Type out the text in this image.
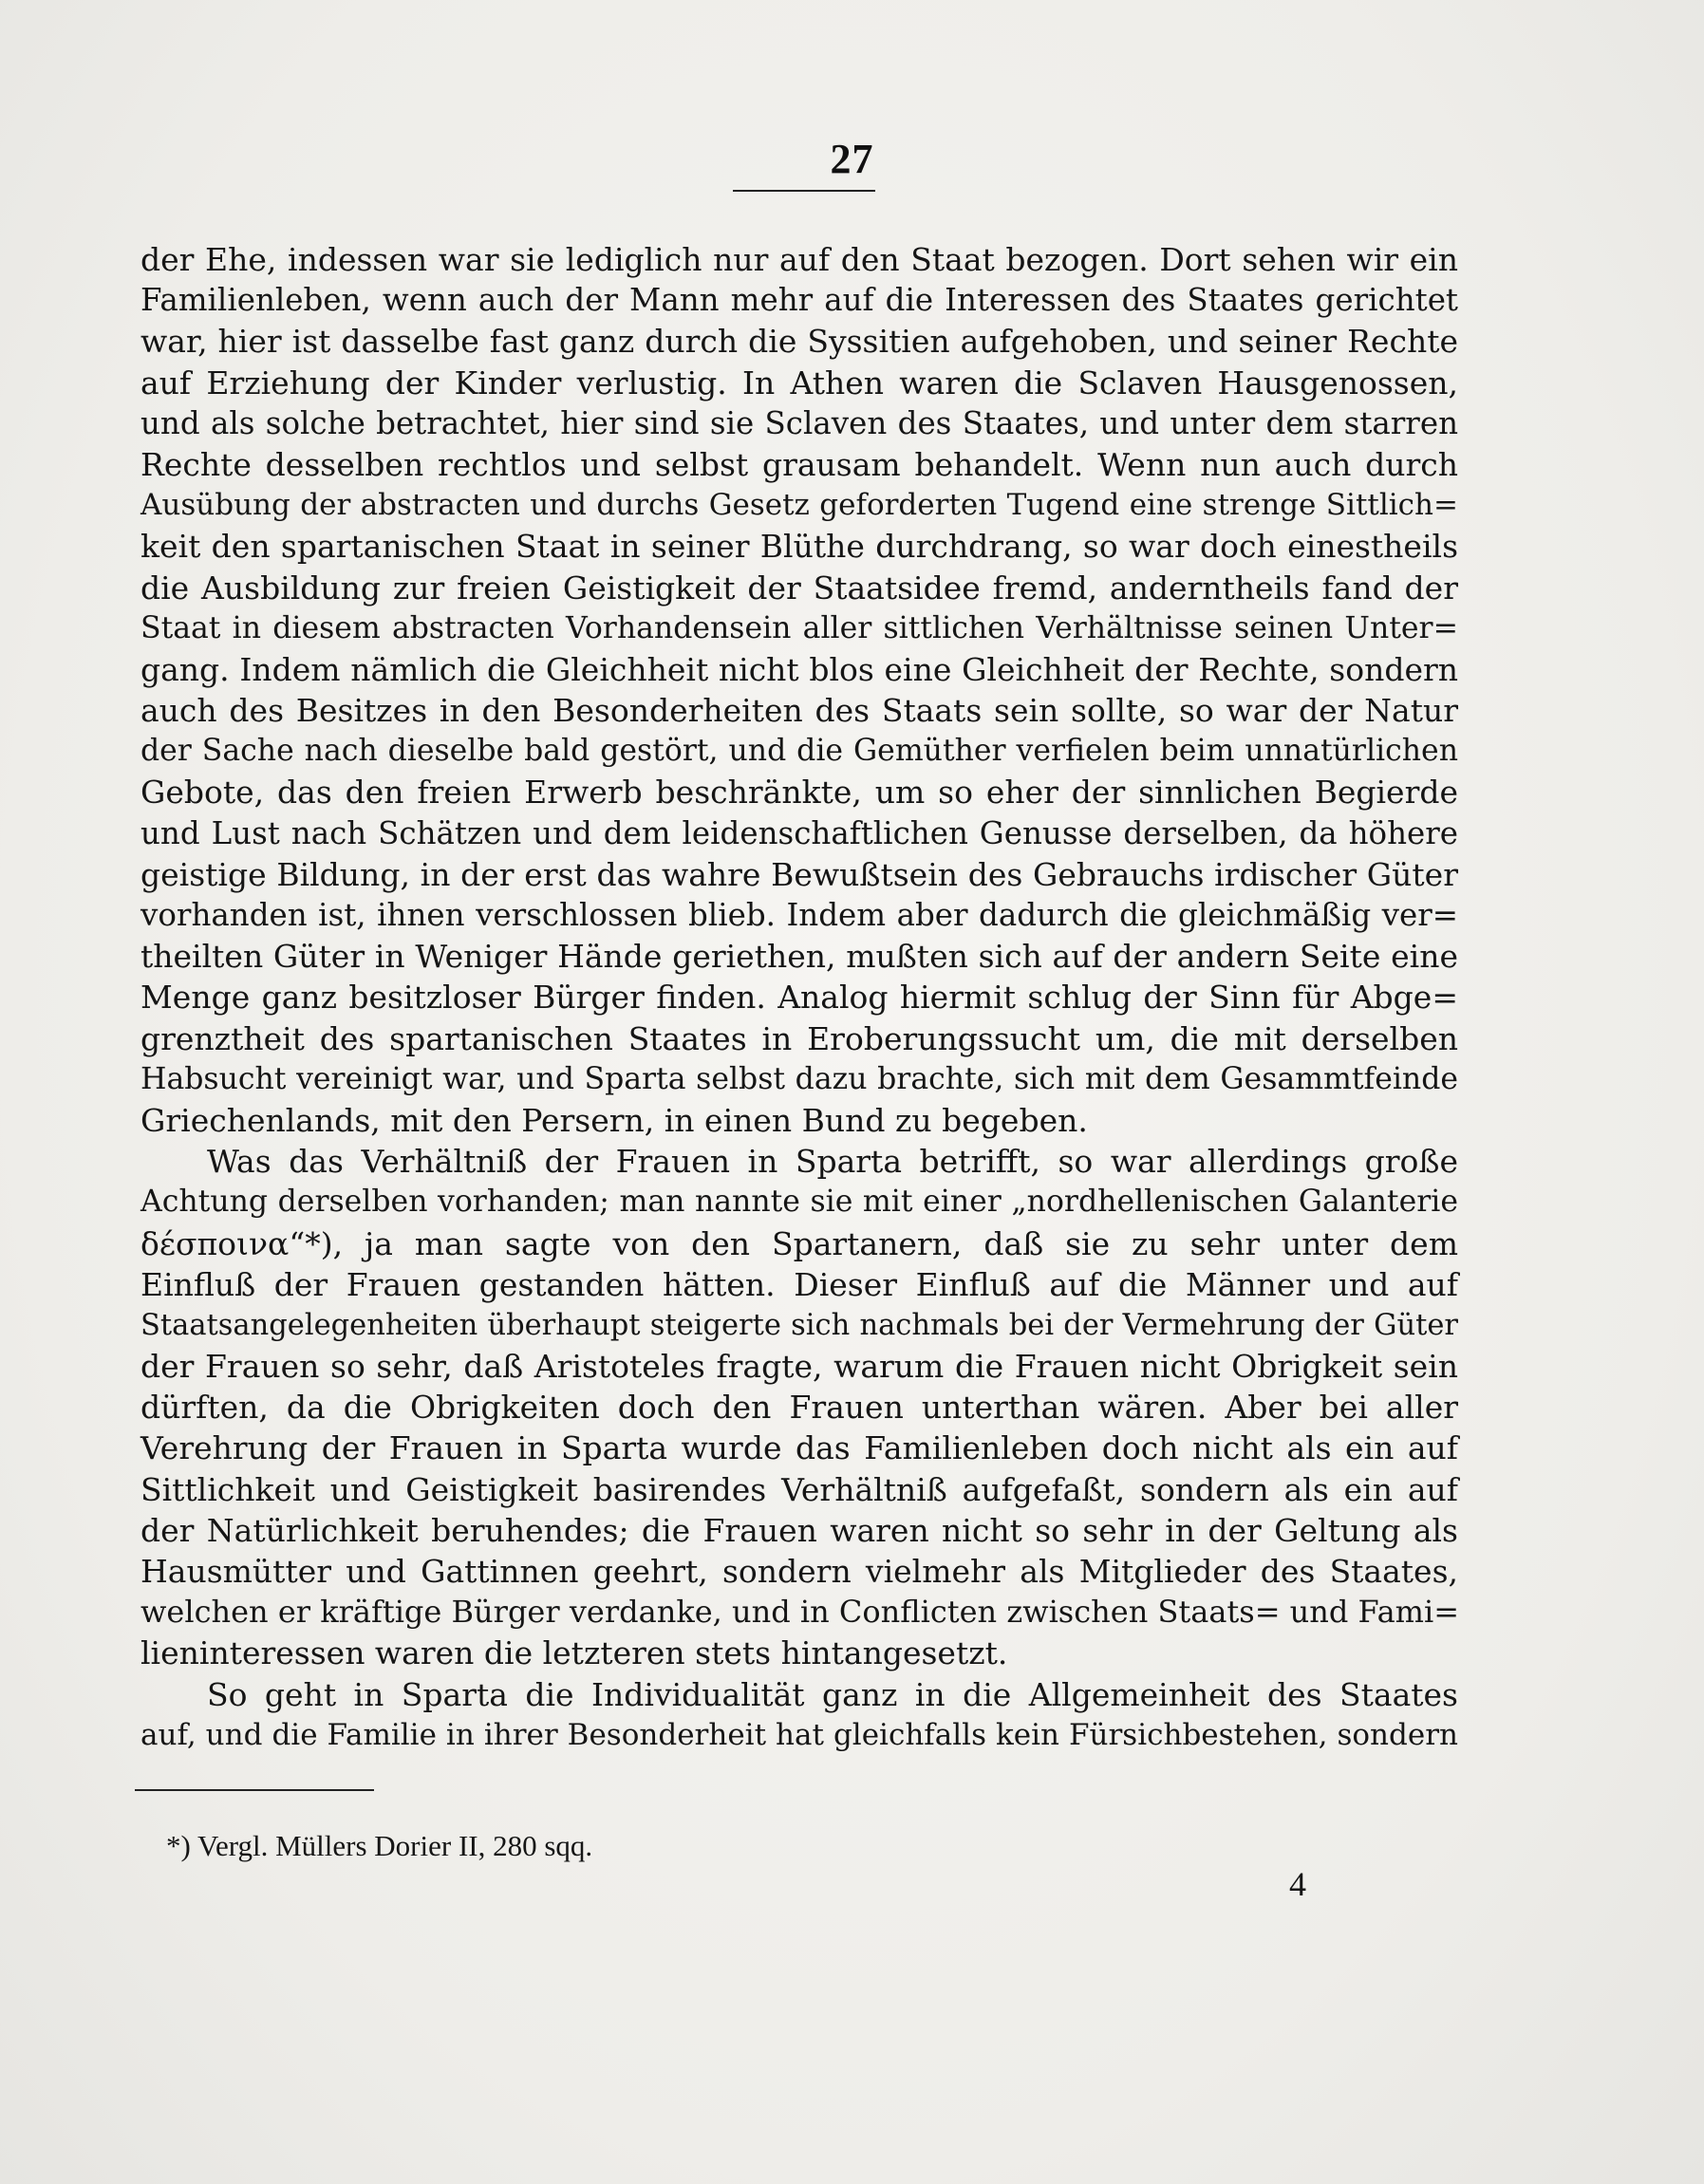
27
der Ehe, indessen war sie lediglich nur auf den Staat bezogen. Dort sehen wir ein
Familienleben, wenn auch der Mann mehr auf die Interessen des Staates gerichtet
war, hier ist dasselbe fast ganz durch die Syssitien aufgehoben, und seiner Rechte
auf Erziehung der Kinder verlustig. In Athen waren die Sclaven Hausgenossen,
und als solche betrachtet, hier sind sie Sclaven des Staates, und unter dem starren
Rechte desselben rechtlos und selbst grausam behandelt. Wenn nun auch durch
Ausübung der abstracten und durchs Gesetz geforderten Tugend eine strenge Sittlich=
keit den spartanischen Staat in seiner Blüthe durchdrang, so war doch einestheils
die Ausbildung zur freien Geistigkeit der Staatsidee fremd, anderntheils fand der
Staat in diesem abstracten Vorhandensein aller sittlichen Verhältnisse seinen Unter=
gang. Indem nämlich die Gleichheit nicht blos eine Gleichheit der Rechte, sondern
auch des Besitzes in den Besonderheiten des Staats sein sollte, so war der Natur
der Sache nach dieselbe bald gestört, und die Gemüther verfielen beim unnatürlichen
Gebote, das den freien Erwerb beschränkte, um so eher der sinnlichen Begierde
und Lust nach Schätzen und dem leidenschaftlichen Genusse derselben, da höhere
geistige Bildung, in der erst das wahre Bewußtsein des Gebrauchs irdischer Güter
vorhanden ist, ihnen verschlossen blieb. Indem aber dadurch die gleichmäßig ver=
theilten Güter in Weniger Hände geriethen, mußten sich auf der andern Seite eine
Menge ganz besitzloser Bürger finden. Analog hiermit schlug der Sinn für Abge=
grenztheit des spartanischen Staates in Eroberungssucht um, die mit derselben
Habsucht vereinigt war, und Sparta selbst dazu brachte, sich mit dem Gesammtfeinde
Griechenlands, mit den Persern, in einen Bund zu begeben.
Was das Verhältniß der Frauen in Sparta betrifft, so war allerdings große
Achtung derselben vorhanden; man nannte sie mit einer „nordhellenischen Galanterie
δέσποινα“*), ja man sagte von den Spartanern, daß sie zu sehr unter dem
Einfluß der Frauen gestanden hätten. Dieser Einfluß auf die Männer und auf
Staatsangelegenheiten überhaupt steigerte sich nachmals bei der Vermehrung der Güter
der Frauen so sehr, daß Aristoteles fragte, warum die Frauen nicht Obrigkeit sein
dürften, da die Obrigkeiten doch den Frauen unterthan wären. Aber bei aller
Verehrung der Frauen in Sparta wurde das Familienleben doch nicht als ein auf
Sittlichkeit und Geistigkeit basirendes Verhältniß aufgefaßt, sondern als ein auf
der Natürlichkeit beruhendes; die Frauen waren nicht so sehr in der Geltung als
Hausmütter und Gattinnen geehrt, sondern vielmehr als Mitglieder des Staates,
welchen er kräftige Bürger verdanke, und in Conflicten zwischen Staats= und Fami=
lieninteressen waren die letzteren stets hintangesetzt.
So geht in Sparta die Individualität ganz in die Allgemeinheit des Staates
auf, und die Familie in ihrer Besonderheit hat gleichfalls kein Fürsichbestehen, sondern
*) Vergl. Müllers Dorier II, 280 sqq.
4
